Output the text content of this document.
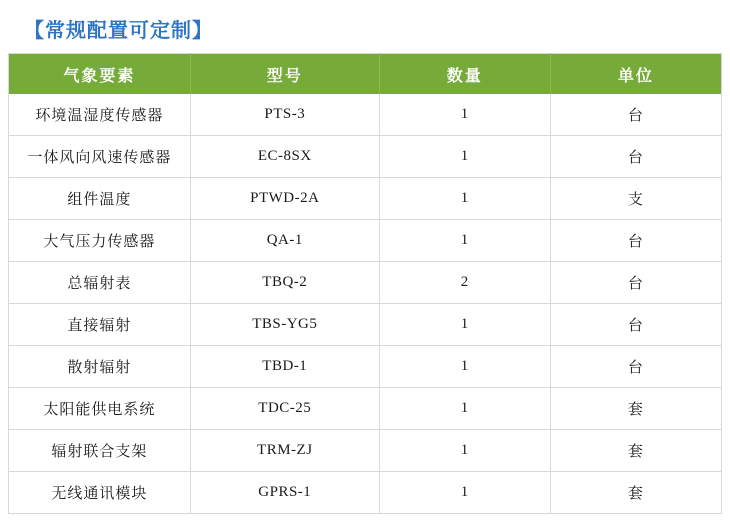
【常规配置可定制】
气象要素	型号	数量	单位
环境温湿度传感器	PTS-3	1	台
一体风向风速传感器	EC-8SX	1	台
组件温度	PTWD-2A	1	支
大气压力传感器	QA-1	1	台
总辐射表	TBQ-2	2	台
直接辐射	TBS-YG5	1	台
散射辐射	TBD-1	1	台
太阳能供电系统	TDC-25	1	套
辐射联合支架	TRM-ZJ	1	套
无线通讯模块	GPRS-1	1	套
